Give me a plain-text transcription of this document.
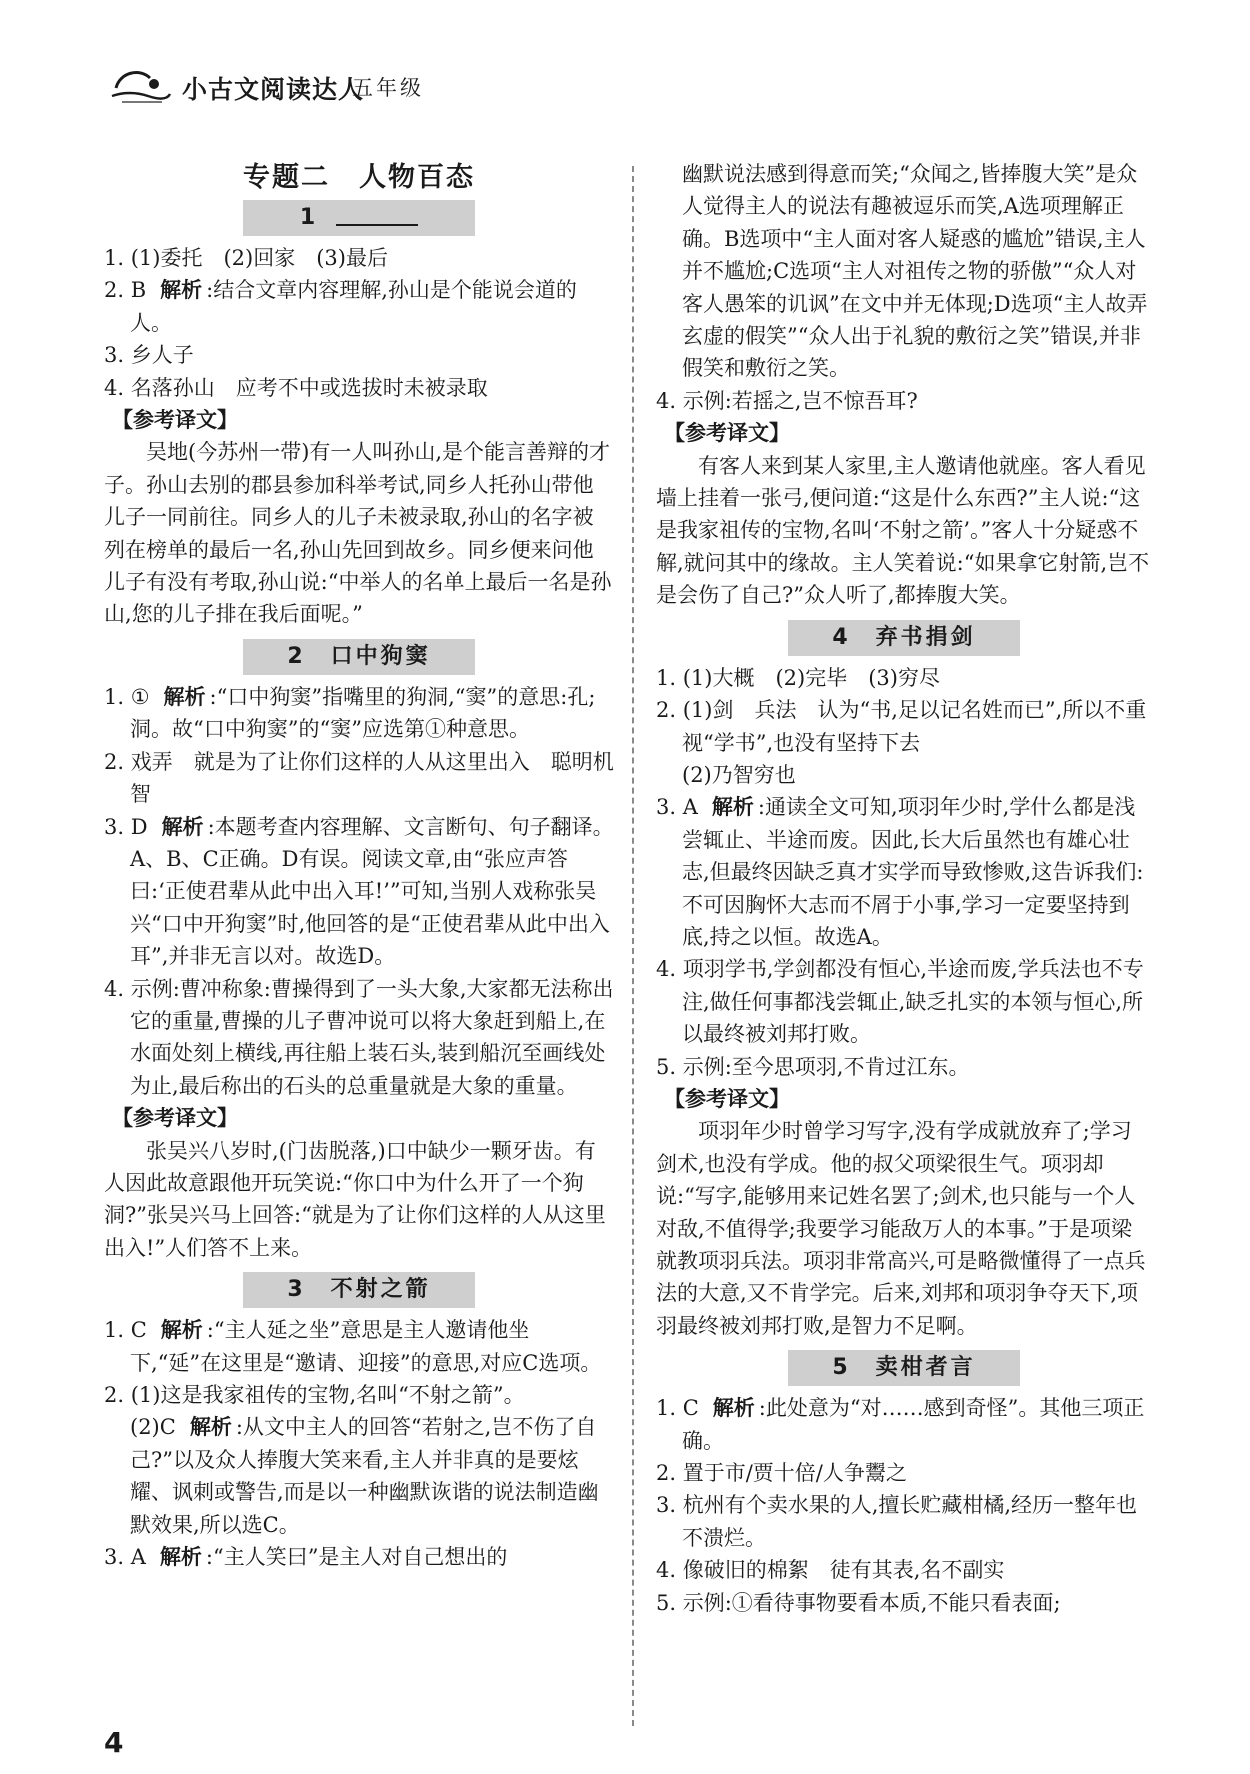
小古文阅读达人
五年级
专题二　人物百态
1
1. (1)委托　(2)回家　(3)最后
2. B 解析 :结合文章内容理解,孙山是个能说会道的人。
3. 乡人子
4. 名落孙山　应考不中或选拔时未被录取
【参考译文】
吴地(今苏州一带)有一人叫孙山,是个能言善辩的才子。孙山去别的郡县参加科举考试,同乡人托孙山带他儿子一同前往。同乡人的儿子未被录取,孙山的名字被列在榜单的最后一名,孙山先回到故乡。同乡便来问他儿子有没有考取,孙山说:“中举人的名单上最后一名是孙山,您的儿子排在我后面呢。”
2　口中狗窦
1. ① 解析 :“口中狗窦”指嘴里的狗洞,“窦”的意思:孔;洞。故“口中狗窦”的“窦”应选第①种意思。
2. 戏弄　就是为了让你们这样的人从这里出入　聪明机智
3. D 解析 :本题考查内容理解、文言断句、句子翻译。A、B、C正确。D有误。阅读文章,由“张应声答曰:‘正使君辈从此中出入耳!’”可知,当别人戏称张吴兴“口中开狗窦”时,他回答的是“正使君辈从此中出入耳”,并非无言以对。故选D。
4. 示例:曹冲称象:曹操得到了一头大象,大家都无法称出它的重量,曹操的儿子曹冲说可以将大象赶到船上,在水面处刻上横线,再往船上装石头,装到船沉至画线处为止,最后称出的石头的总重量就是大象的重量。
【参考译文】
张吴兴八岁时,(门齿脱落,)口中缺少一颗牙齿。有人因此故意跟他开玩笑说:“你口中为什么开了一个狗洞?”张吴兴马上回答:“就是为了让你们这样的人从这里出入!”人们答不上来。
3　不射之箭
1. C 解析 :“主人延之坐”意思是主人邀请他坐下,“延”在这里是“邀请、迎接”的意思,对应C选项。
2. (1)这是我家祖传的宝物,名叫“不射之箭”。
(2)C 解析 :从文中主人的回答“若射之,岂不伤了自己?”以及众人捧腹大笑来看,主人并非真的是要炫耀、讽刺或警告,而是以一种幽默诙谐的说法制造幽默效果,所以选C。
3. A 解析 :“主人笑曰”是主人对自己想出的
幽默说法感到得意而笑;“众闻之,皆捧腹大笑”是众人觉得主人的说法有趣被逗乐而笑,A选项理解正确。B选项中“主人面对客人疑惑的尴尬”错误,主人并不尴尬;C选项“主人对祖传之物的骄傲”“众人对客人愚笨的讥讽”在文中并无体现;D选项“主人故弄玄虚的假笑”“众人出于礼貌的敷衍之笑”错误,并非假笑和敷衍之笑。
4. 示例:若摇之,岂不惊吾耳?
【参考译文】
有客人来到某人家里,主人邀请他就座。客人看见墙上挂着一张弓,便问道:“这是什么东西?”主人说:“这是我家祖传的宝物,名叫‘不射之箭’。”客人十分疑惑不解,就问其中的缘故。主人笑着说:“如果拿它射箭,岂不是会伤了自己?”众人听了,都捧腹大笑。
4　弃书捐剑
1. (1)大概　(2)完毕　(3)穷尽
2. (1)剑　兵法　认为“书,足以记名姓而已”,所以不重视“学书”,也没有坚持下去
(2)乃智穷也
3. A 解析 :通读全文可知,项羽年少时,学什么都是浅尝辄止、半途而废。因此,长大后虽然也有雄心壮志,但最终因缺乏真才实学而导致惨败,这告诉我们:不可因胸怀大志而不屑于小事,学习一定要坚持到底,持之以恒。故选A。
4. 项羽学书,学剑都没有恒心,半途而废,学兵法也不专注,做任何事都浅尝辄止,缺乏扎实的本领与恒心,所以最终被刘邦打败。
5. 示例:至今思项羽,不肯过江东。
【参考译文】
项羽年少时曾学习写字,没有学成就放弃了;学习剑术,也没有学成。他的叔父项梁很生气。项羽却说:“写字,能够用来记姓名罢了;剑术,也只能与一个人对敌,不值得学;我要学习能敌万人的本事。”于是项梁就教项羽兵法。项羽非常高兴,可是略微懂得了一点兵法的大意,又不肯学完。后来,刘邦和项羽争夺天下,项羽最终被刘邦打败,是智力不足啊。
5　卖柑者言
1. C 解析 :此处意为“对……感到奇怪”。其他三项正确。
2. 置于市/贾十倍/人争鬻之
3. 杭州有个卖水果的人,擅长贮藏柑橘,经历一整年也不溃烂。
4. 像破旧的棉絮　徒有其表,名不副实
5. 示例:①看待事物要看本质,不能只看表面;
4
